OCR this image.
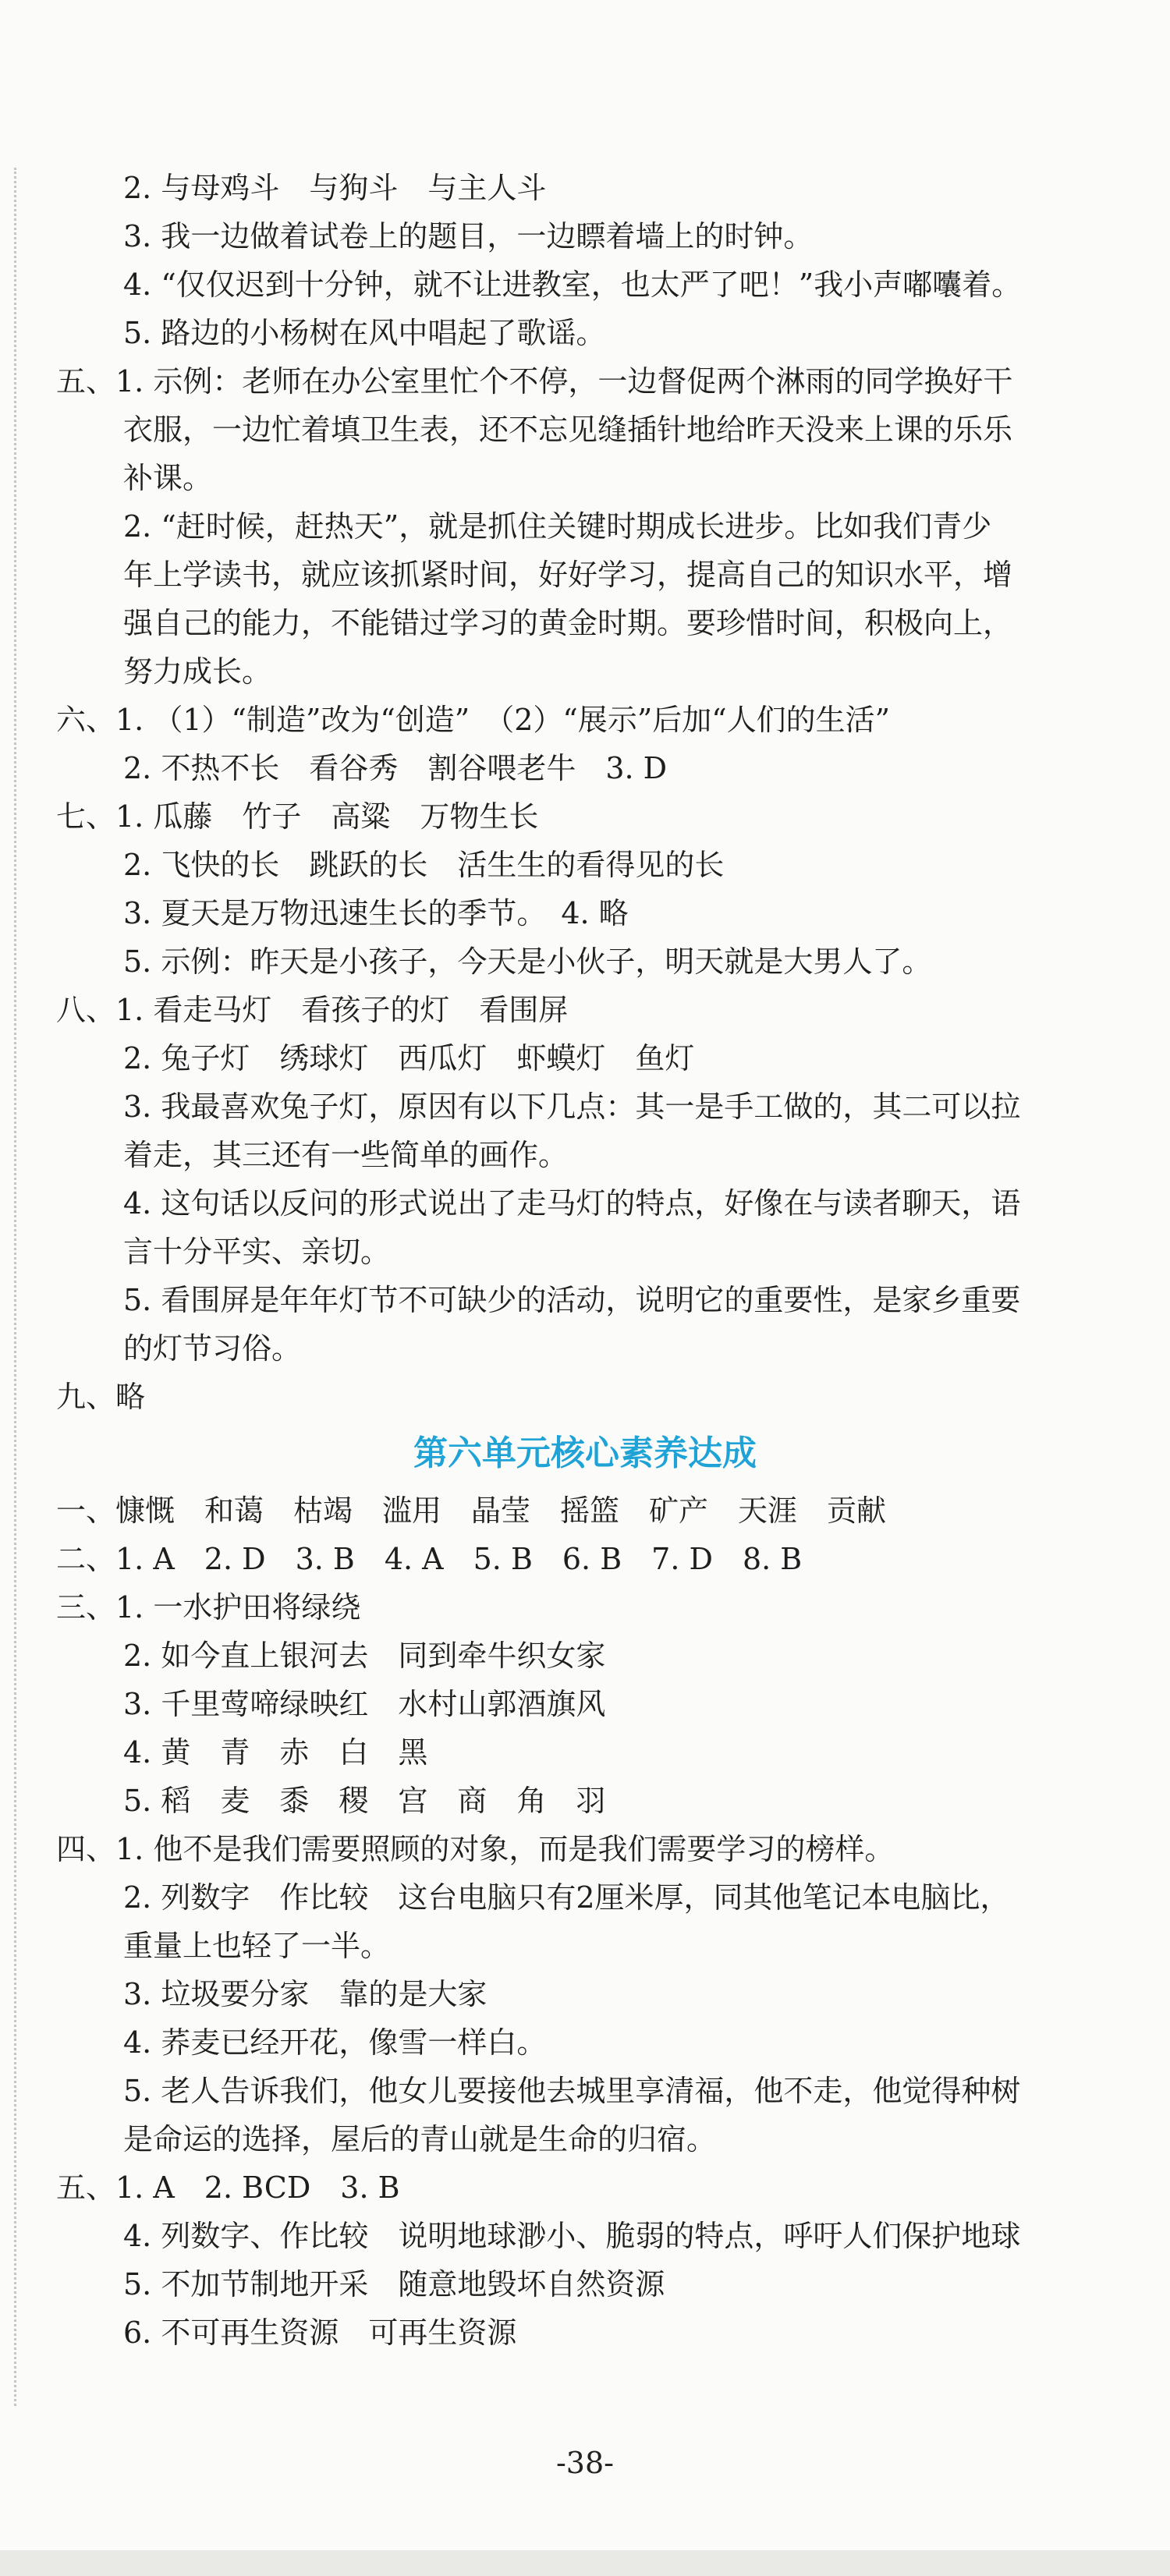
2. 与母鸡斗　与狗斗　与主人斗
3. 我一边做着试卷上的题目，一边瞟着墙上的时钟。
4. “仅仅迟到十分钟，就不让进教室，也太严了吧！”我小声嘟囔着。
5. 路边的小杨树在风中唱起了歌谣。
五、1. 示例：老师在办公室里忙个不停，一边督促两个淋雨的同学换好干
衣服，一边忙着填卫生表，还不忘见缝插针地给昨天没来上课的乐乐
补课。
2. “赶时候，赶热天”，就是抓住关键时期成长进步。比如我们青少
年上学读书，就应该抓紧时间，好好学习，提高自己的知识水平，增
强自己的能力，不能错过学习的黄金时期。要珍惜时间，积极向上，
努力成长。
六、1. （1）“制造”改为“创造”　（2）“展示”后加“人们的生活”
2. 不热不长　看谷秀　割谷喂老牛　3. D
七、1. 瓜藤　竹子　高粱　万物生长
2. 飞快的长　跳跃的长　活生生的看得见的长
3. 夏天是万物迅速生长的季节。　4. 略
5. 示例：昨天是小孩子，今天是小伙子，明天就是大男人了。
八、1. 看走马灯　看孩子的灯　看围屏
2. 兔子灯　绣球灯　西瓜灯　虾蟆灯　鱼灯
3. 我最喜欢兔子灯，原因有以下几点：其一是手工做的，其二可以拉
着走，其三还有一些简单的画作。
4. 这句话以反问的形式说出了走马灯的特点，好像在与读者聊天，语
言十分平实、亲切。
5. 看围屏是年年灯节不可缺少的活动，说明它的重要性，是家乡重要
的灯节习俗。
九、略
第六单元核心素养达成
一、慷慨　和蔼　枯竭　滥用　晶莹　摇篮　矿产　天涯　贡献
二、1. A　2. D　3. B　4. A　5. B　6. B　7. D　8. B
三、1. 一水护田将绿绕
2. 如今直上银河去　同到牵牛织女家
3. 千里莺啼绿映红　水村山郭酒旗风
4. 黄　青　赤　白　黑
5. 稻　麦　黍　稷　宫　商　角　羽
四、1. 他不是我们需要照顾的对象，而是我们需要学习的榜样。
2. 列数字　作比较　这台电脑只有2厘米厚，同其他笔记本电脑比，
重量上也轻了一半。
3. 垃圾要分家　靠的是大家
4. 荞麦已经开花，像雪一样白。
5. 老人告诉我们，他女儿要接他去城里享清福，他不走，他觉得种树
是命运的选择，屋后的青山就是生命的归宿。
五、1. A　2. BCD　3. B
4. 列数字、作比较　说明地球渺小、脆弱的特点，呼吁人们保护地球
5. 不加节制地开采　随意地毁坏自然资源
6. 不可再生资源　可再生资源
-38-
